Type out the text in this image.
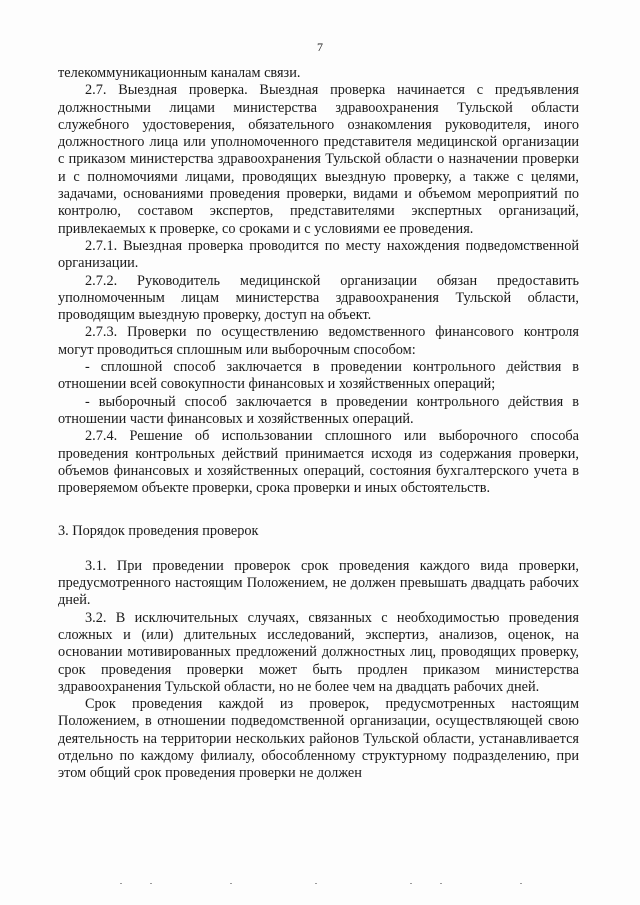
7

телекоммуникационным каналам связи.

2.7. Выездная проверка. Выездная проверка начинается с предъявления должностными лицами министерства здравоохранения Тульской области служебного удостоверения, обязательного ознакомления руководителя, иного должностного лица или уполномоченного представителя медицинской организации с приказом министерства здравоохранения Тульской области о назначении проверки и с полномочиями лицами, проводящих выездную проверку, а также с целями, задачами, основаниями проведения проверки, видами и объемом мероприятий по контролю, составом экспертов, представителями экспертных организаций, привлекаемых к проверке, со сроками и с условиями ее проведения.

2.7.1. Выездная проверка проводится по месту нахождения подведомственной организации.

2.7.2. Руководитель медицинской организации обязан предоставить уполномоченным лицам министерства здравоохранения Тульской области, проводящим выездную проверку, доступ на объект.

2.7.3. Проверки по осуществлению ведомственного финансового контроля могут проводиться сплошным или выборочным способом:

- сплошной способ заключается в проведении контрольного действия в отношении всей совокупности финансовых и хозяйственных операций;

- выборочный способ заключается в проведении контрольного действия в отношении части финансовых и хозяйственных операций.

2.7.4. Решение об использовании сплошного или выборочного способа проведения контрольных действий принимается исходя из содержания проверки, объемов финансовых и хозяйственных операций, состояния бухгалтерского учета в проверяемом объекте проверки, срока проверки и иных обстоятельств.

3. Порядок проведения проверок

3.1. При проведении проверок срок проведения каждого вида проверки, предусмотренного настоящим Положением, не должен превышать двадцать рабочих дней.

3.2. В исключительных случаях, связанных с необходимостью проведения сложных и (или) длительных исследований, экспертиз, анализов, оценок, на основании мотивированных предложений должностных лиц, проводящих проверку, срок проведения проверки может быть продлен приказом министерства здравоохранения Тульской области, но не более чем на двадцать рабочих дней.

Срок проведения каждой из проверок, предусмотренных настоящим Положением, в отношении подведомственной организации, осуществляющей свою деятельность на территории нескольких районов Тульской области, устанавливается отдельно по каждому филиалу, обособленному структурному подразделению, при этом общий срок проведения проверки не должен
